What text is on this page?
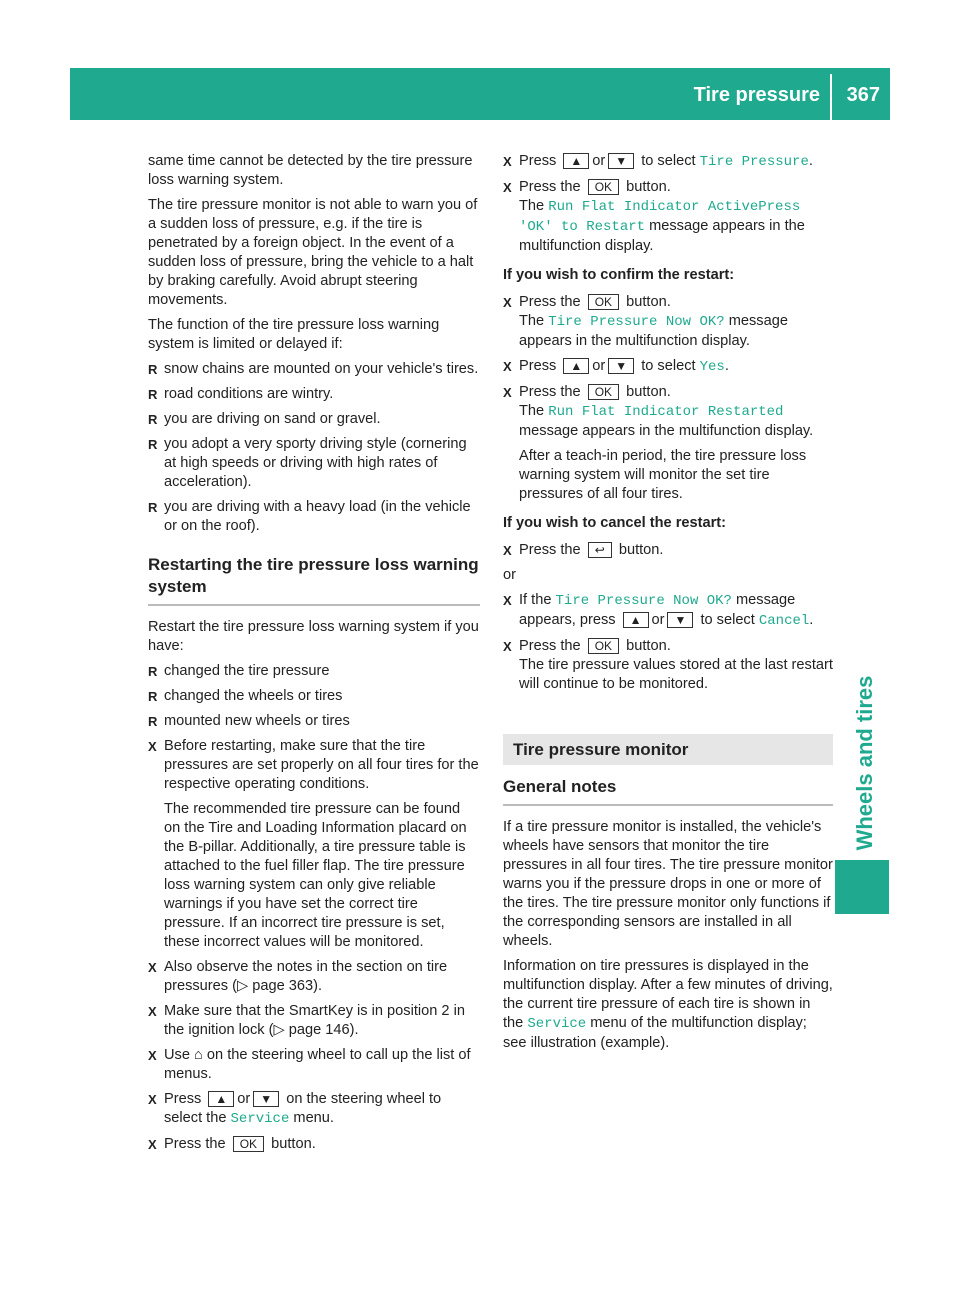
Tire pressure 367
Wheels and tires

same time cannot be detected by the tire pressure loss warning system.

The tire pressure monitor is not able to warn you of a sudden loss of pressure, e.g. if the tire is penetrated by a foreign object. In the event of a sudden loss of pressure, bring the vehicle to a halt by braking carefully. Avoid abrupt steering movements.

The function of the tire pressure loss warning system is limited or delayed if:

R snow chains are mounted on your vehicle's tires.
R road conditions are wintry.
R you are driving on sand or gravel.
R you adopt a very sporty driving style (cornering at high speeds or driving with high rates of acceleration).
R you are driving with a heavy load (in the vehicle or on the roof).
Restarting the tire pressure loss warning system

Restart the tire pressure loss warning system if you have:

R changed the tire pressure
R changed the wheels or tires
R mounted new wheels or tires
X Before restarting, make sure that the tire pressures are set properly on all four tires for the respective operating conditions.
The recommended tire pressure can be found on the Tire and Loading Information placard on the B-pillar. Additionally, a tire pressure table is attached to the fuel filler flap. The tire pressure loss warning system can only give reliable warnings if you have set the correct tire pressure. If an incorrect tire pressure is set, these incorrect values will be monitored.
X Also observe the notes in the section on tire pressures (▷ page 363).
X Make sure that the SmartKey is in position 2 in the ignition lock (▷ page 146).
X Use ⌂ on the steering wheel to call up the list of menus.
X Press ▲ or ▼ on the steering wheel to select the Service menu.
X Press the OK button.
X Press ▲ or ▼ to select Tire Pressure.
X Press the OK button.
The Run Flat Indicator ActivePress 'OK' to Restart message appears in the multifunction display.
If you wish to confirm the restart:
X Press the OK button.
The Tire Pressure Now OK? message appears in the multifunction display.
X Press ▲ or ▼ to select Yes.
X Press the OK button.
The Run Flat Indicator Restarted message appears in the multifunction display.
After a teach-in period, the tire pressure loss warning system will monitor the set tire pressures of all four tires.
If you wish to cancel the restart:
X Press the ↩ button.

or

X If the Tire Pressure Now OK? message appears, press ▲ or ▼ to select Cancel.
X Press the OK button.
The tire pressure values stored at the last restart will continue to be monitored.
Tire pressure monitor
General notes

If a tire pressure monitor is installed, the vehicle's wheels have sensors that monitor the tire pressures in all four tires. The tire pressure monitor warns you if the pressure drops in one or more of the tires. The tire pressure monitor only functions if the corresponding sensors are installed in all wheels.

Information on tire pressures is displayed in the multifunction display. After a few minutes of driving, the current tire pressure of each tire is shown in the Service menu of the multifunction display; see illustration (example).
